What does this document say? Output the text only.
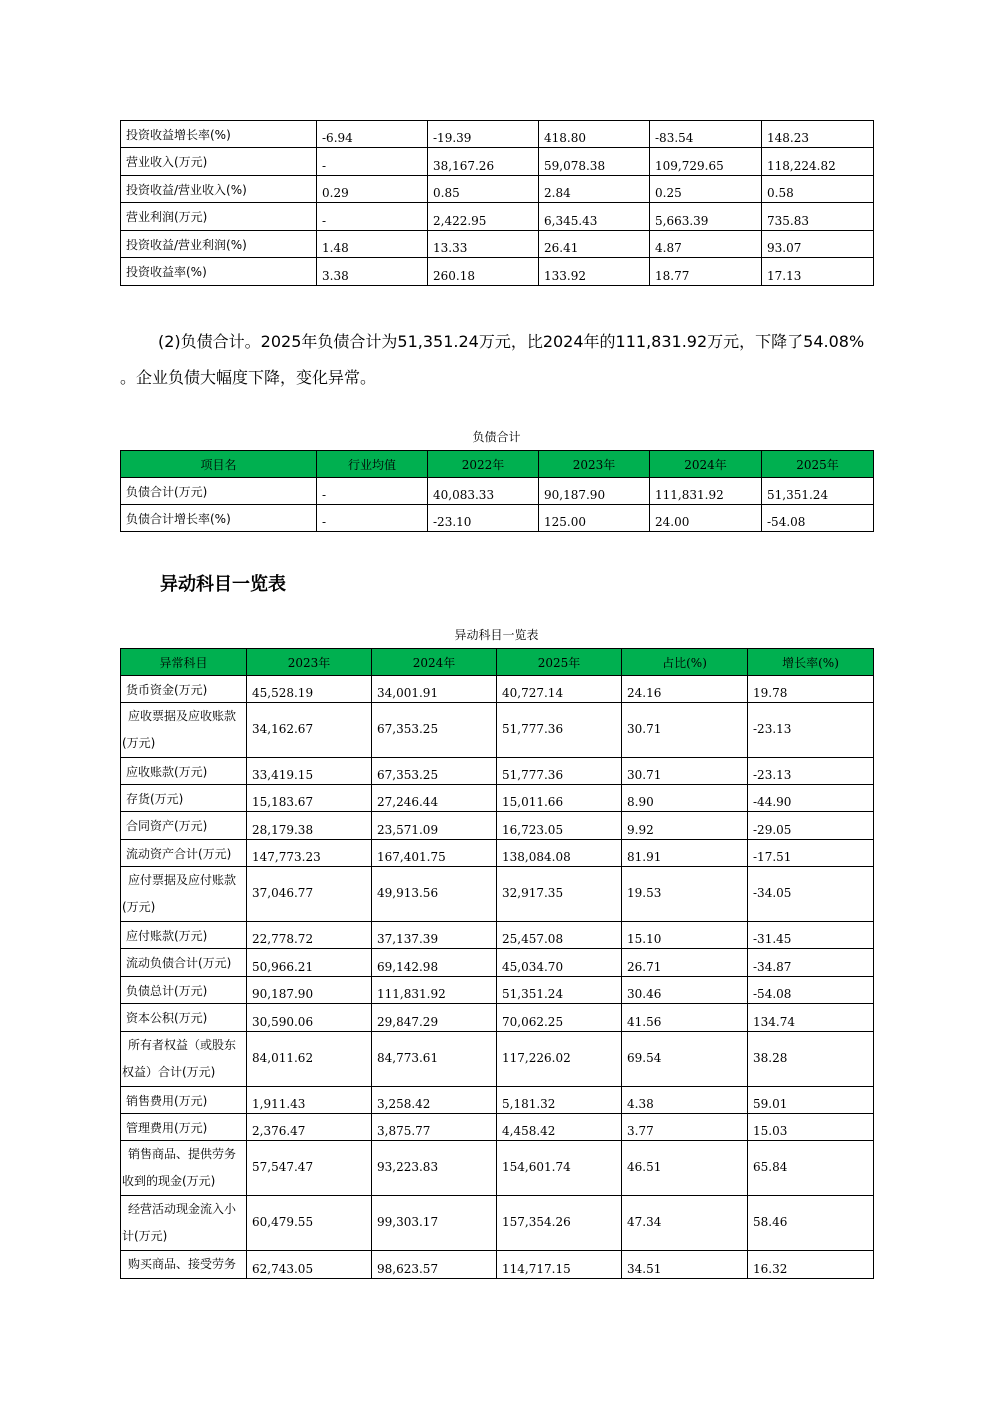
投资收益增长率(%)	-6.94	-19.39	418.80	-83.54	148.23
营业收入(万元)	-	38,167.26	59,078.38	109,729.65	118,224.82
投资收益/营业收入(%)	0.29	0.85	2.84	0.25	0.58
营业利润(万元)	-	2,422.95	6,345.43	5,663.39	735.83
投资收益/营业利润(%)	1.48	13.33	26.41	4.87	93.07
投资收益率(%)	3.38	260.18	133.92	18.77	17.13
(2)负债合计。2025年负债合计为51,351.24万元，比2024年的111,831.92万元，下降了54.08%
。企业负债大幅度下降，变化异常。
负债合计
项目名	行业均值	2022年	2023年	2024年	2025年
负债合计(万元)	-	40,083.33	90,187.90	111,831.92	51,351.24
负债合计增长率(%)	-	-23.10	125.00	24.00	-54.08
异动科目一览表
异动科目一览表
异常科目	2023年	2024年	2025年	占比(%)	增长率(%)
货币资金(万元)	45,528.19	34,001.91	40,727.14	24.16	19.78
应收票据及应收账款(万元)	34,162.67	67,353.25	51,777.36	30.71	-23.13
应收账款(万元)	33,419.15	67,353.25	51,777.36	30.71	-23.13
存货(万元)	15,183.67	27,246.44	15,011.66	8.90	-44.90
合同资产(万元)	28,179.38	23,571.09	16,723.05	9.92	-29.05
流动资产合计(万元)	147,773.23	167,401.75	138,084.08	81.91	-17.51
应付票据及应付账款(万元)	37,046.77	49,913.56	32,917.35	19.53	-34.05
应付账款(万元)	22,778.72	37,137.39	25,457.08	15.10	-31.45
流动负债合计(万元)	50,966.21	69,142.98	45,034.70	26.71	-34.87
负债总计(万元)	90,187.90	111,831.92	51,351.24	30.46	-54.08
资本公积(万元)	30,590.06	29,847.29	70,062.25	41.56	134.74
所有者权益（或股东权益）合计(万元)	84,011.62	84,773.61	117,226.02	69.54	38.28
销售费用(万元)	1,911.43	3,258.42	5,181.32	4.38	59.01
管理费用(万元)	2,376.47	3,875.77	4,458.42	3.77	15.03
销售商品、提供劳务收到的现金(万元)	57,547.47	93,223.83	154,601.74	46.51	65.84
经营活动现金流入小计(万元)	60,479.55	99,303.17	157,354.26	47.34	58.46
购买商品、接受劳务	62,743.05	98,623.57	114,717.15	34.51	16.32
